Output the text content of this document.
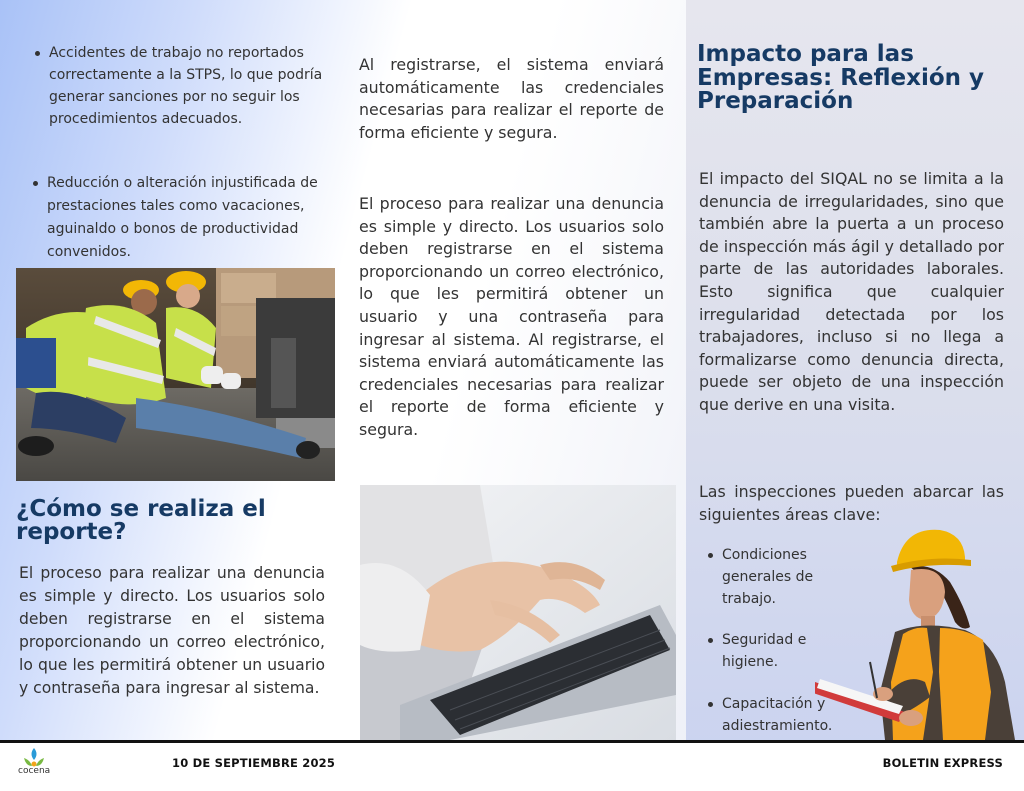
Accidentes de trabajo no reportados correctamente a la STPS, lo que podría generar sanciones por no seguir los procedimientos adecuados.
Reducción o alteración injustificada de prestaciones tales como vacaciones, aguinaldo o bonos de productividad convenidos.
¿Cómo se realiza el reporte?
El proceso para realizar una denuncia es simple y directo. Los usuarios solo deben registrarse en el sistema proporcionando un correo electrónico, lo que les permitirá obtener un usuario y contraseña para ingresar al sistema.
Al registrarse, el sistema enviará automáticamente las credenciales necesarias para realizar el reporte de forma eficiente y segura.
El proceso para realizar una denuncia es simple y directo. Los usuarios solo deben registrarse en el sistema proporcionando un correo electrónico, lo que les permitirá obtener un usuario y una contraseña para ingresar al sistema. Al registrarse, el sistema enviará automáticamente las credenciales necesarias para realizar el reporte de forma eficiente y segura.
Impacto para las Empresas: Reflexión y Preparación
El impacto del SIQAL no se limita a la denuncia de irregularidades, sino que también abre la puerta a un proceso de inspección más ágil y detallado por parte de las autoridades laborales. Esto significa que cualquier irregularidad detectada por los trabajadores, incluso si no llega a formalizarse como denuncia directa, puede ser objeto de una inspección que derive en una visita.
Las inspecciones pueden abarcar las siguientes áreas clave:
Condiciones generales de trabajo.
Seguridad e higiene.
Capacitación y adiestramiento.
cocena
10 DE SEPTIEMBRE 2025	BOLETIN EXPRESS
